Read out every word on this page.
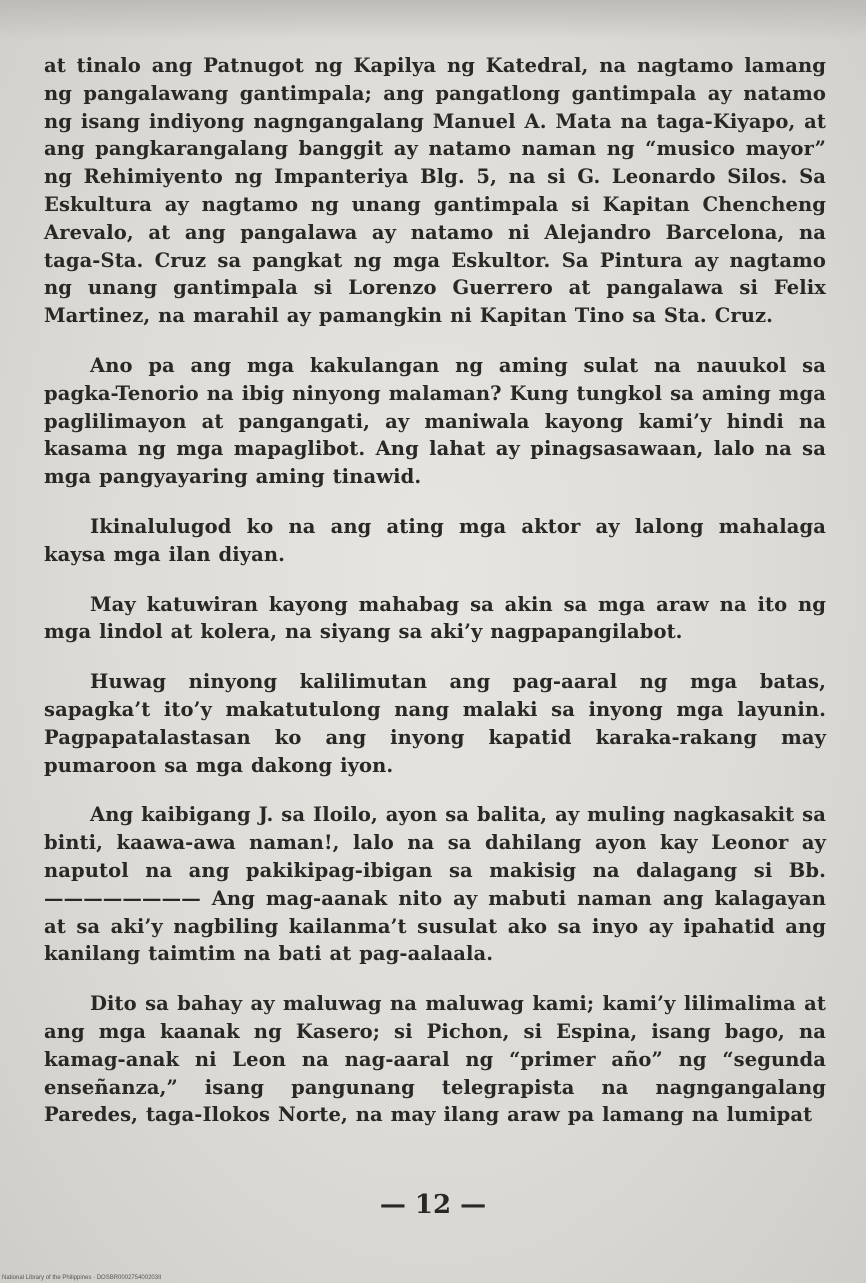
at tinalo ang Patnugot ng Kapilya ng Katedral, na nagtamo lamang ng pangalawang gantimpala; ang pangatlong gantimpala ay natamo ng isang indiyong nagngangalang Manuel A. Mata na taga-Kiyapo, at ang pangkarangalang banggit ay natamo naman ng “musico mayor” ng Rehimiyento ng Impanteriya Blg. 5, na si G. Leonardo Silos. Sa Eskultura ay nagtamo ng unang gantimpala si Kapitan Chencheng Arevalo, at ang pangalawa ay natamo ni Alejandro Barcelona, na taga-Sta. Cruz sa pangkat ng mga Eskultor. Sa Pintura ay nagtamo ng unang gantimpala si Lorenzo Guerrero at pangalawa si Felix Martinez, na marahil ay pamangkin ni Kapitan Tino sa Sta. Cruz.

Ano pa ang mga kakulangan ng aming sulat na nauukol sa pagka-Tenorio na ibig ninyong malaman? Kung tungkol sa aming mga paglilimayon at pangangati, ay maniwala kayong kami’y hindi na kasama ng mga mapaglibot. Ang lahat ay pinagsasawaan, lalo na sa mga pangyayaring aming tinawid.

Ikinalulugod ko na ang ating mga aktor ay lalong mahalaga kaysa mga ilan diyan.

May katuwiran kayong mahabag sa akin sa mga araw na ito ng mga lindol at kolera, na siyang sa aki’y nagpapangilabot.

Huwag ninyong kalilimutan ang pag-aaral ng mga batas, sapagka’t ito’y makatutulong nang malaki sa inyong mga layunin. Pagpapatalastasan ko ang inyong kapatid karaka-rakang may pumaroon sa mga dakong iyon.

Ang kaibigang J. sa Iloilo, ayon sa balita, ay muling nagkasakit sa binti, kaawa-awa naman!, lalo na sa dahilang ayon kay Leonor ay naputol na ang pakikipag-ibigan sa makisig na dalagang si Bb. ———————— Ang mag-aanak nito ay mabuti naman ang kalagayan at sa aki’y nagbiling kailanma’t susulat ako sa inyo ay ipahatid ang kanilang taimtim na bati at pag-aalaala.

Dito sa bahay ay maluwag na maluwag kami; kami’y lilimalima at ang mga kaanak ng Kasero; si Pichon, si Espina, isang bago, na kamag-anak ni Leon na nag-aaral ng “primer año” ng “segunda enseñanza,” isang pangunang telegrapista na nagngangalang Paredes, taga-Ilokos Norte, na may ilang araw pa lamang na lumipat

— 12 —
National Library of the Philippines · DOSBR000275400203II
